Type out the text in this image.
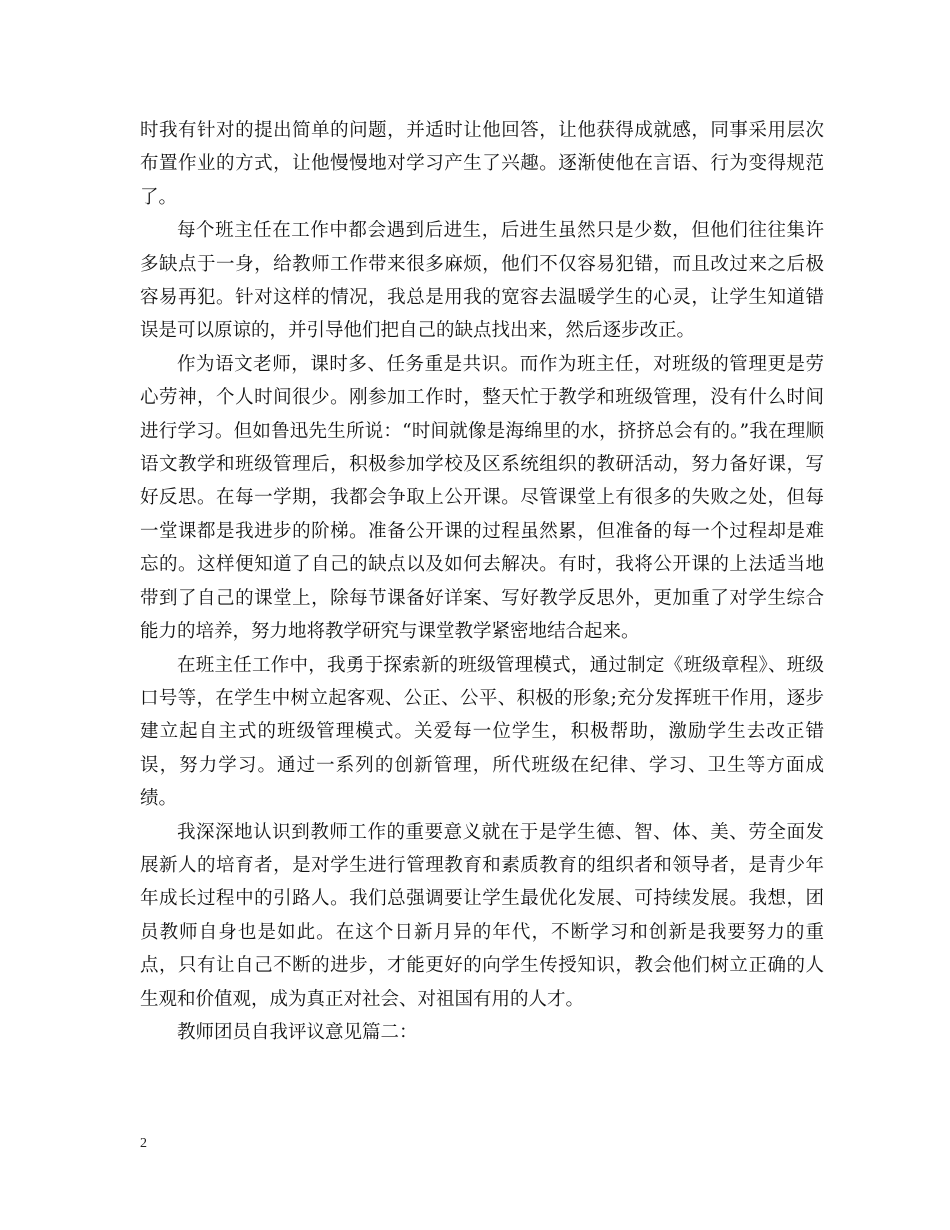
时我有针对的提出简单的问题，并适时让他回答，让他获得成就感，同事采用层次布置作业的方式，让他慢慢地对学习产生了兴趣。逐渐使他在言语、行为变得规范了。

每个班主任在工作中都会遇到后进生，后进生虽然只是少数，但他们往往集许多缺点于一身，给教师工作带来很多麻烦，他们不仅容易犯错，而且改过来之后极容易再犯。针对这样的情况，我总是用我的宽容去温暖学生的心灵，让学生知道错误是可以原谅的，并引导他们把自己的缺点找出来，然后逐步改正。

作为语文老师，课时多、任务重是共识。而作为班主任，对班级的管理更是劳心劳神，个人时间很少。刚参加工作时，整天忙于教学和班级管理，没有什么时间进行学习。但如鲁迅先生所说：“时间就像是海绵里的水，挤挤总会有的。”我在理顺语文教学和班级管理后，积极参加学校及区系统组织的教研活动，努力备好课，写好反思。在每一学期，我都会争取上公开课。尽管课堂上有很多的失败之处，但每一堂课都是我进步的阶梯。准备公开课的过程虽然累，但准备的每一个过程却是难忘的。这样便知道了自己的缺点以及如何去解决。有时，我将公开课的上法适当地带到了自己的课堂上，除每节课备好详案、写好教学反思外，更加重了对学生综合能力的培养，努力地将教学研究与课堂教学紧密地结合起来。

在班主任工作中，我勇于探索新的班级管理模式，通过制定《班级章程》、班级口号等，在学生中树立起客观、公正、公平、积极的形象;充分发挥班干作用，逐步建立起自主式的班级管理模式。关爱每一位学生，积极帮助，激励学生去改正错误，努力学习。通过一系列的创新管理，所代班级在纪律、学习、卫生等方面成绩。

我深深地认识到教师工作的重要意义就在于是学生德、智、体、美、劳全面发展新人的培育者，是对学生进行管理教育和素质教育的组织者和领导者，是青少年年成长过程中的引路人。我们总强调要让学生最优化发展、可持续发展。我想，团员教师自身也是如此。在这个日新月异的年代，不断学习和创新是我要努力的重点，只有让自己不断的进步，才能更好的向学生传授知识，教会他们树立正确的人生观和价值观，成为真正对社会、对祖国有用的人才。

教师团员自我评议意见篇二：

2
